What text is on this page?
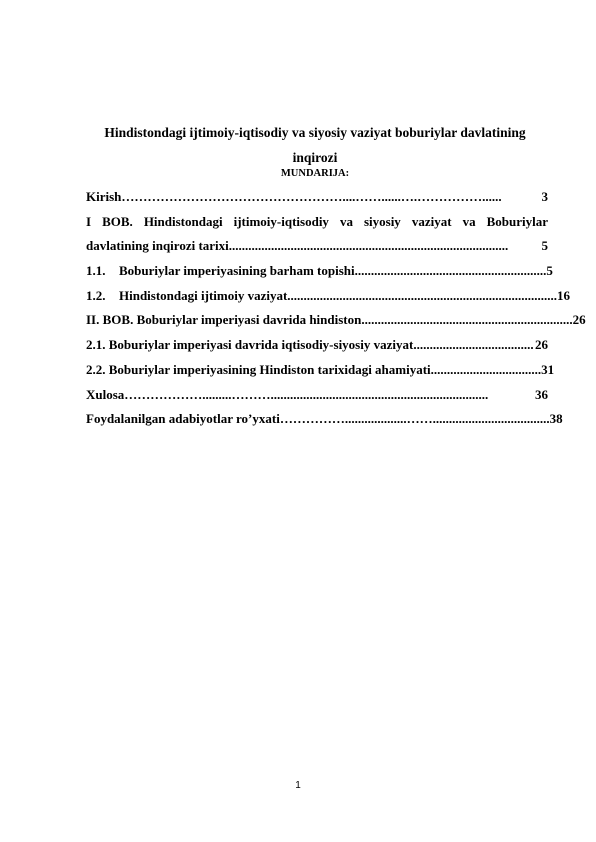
Hindistondagi ijtimoiy-iqtisodiy va siyosiy vaziyat boburiylar davlatining
inqirozi
MUNDARIJA:
Kirish ……………………………………………....……......….……………......	3
I BOB. Hindistondagi ijtimoiy-iqtisodiy va siyosiy vaziyat va Boburiylar
davlatining inqirozi tarixi ......................................................................................	5
1.1. Boburiylar imperiyasining barham topishi ........................................................... 5
1.2. Hindistondagi ijtimoiy vaziyat ................................................................................... 16
II. BOB. Boburiylar imperiyasi davrida hindiston ................................................................. 26
2.1. Boburiylar imperiyasi davrida iqtisodiy-siyosiy vaziyat ..................................... 26
2.2. Boburiylar imperiyasining Hindiston tarixidagi ahamiyati .................................. 31
Xulosa ……………….........………...................................................................	36
Foydalanilgan adabiyotlar ro’yxati ……………...................…….................................... 38
1
